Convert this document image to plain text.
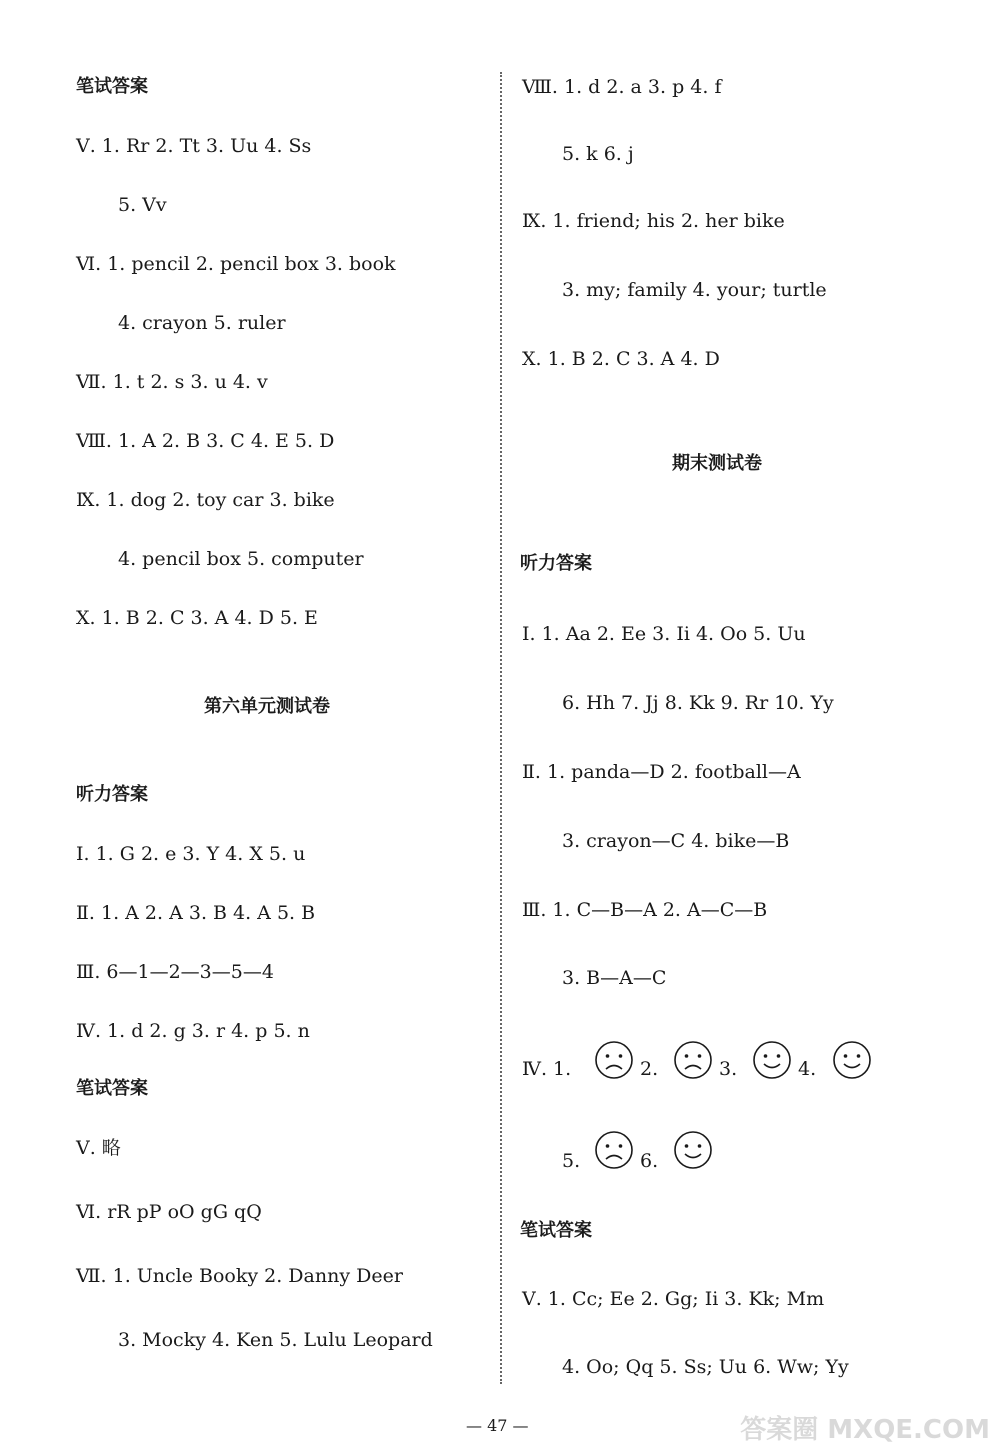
笔试答案
Ⅴ. 1. Rr 2. Tt 3. Uu 4. Ss
5. Vv
Ⅵ. 1. pencil 2. pencil box 3. book
4. crayon 5. ruler
Ⅶ. 1. t 2. s 3. u 4. v
Ⅷ. 1. A 2. B 3. C 4. E 5. D
Ⅸ. 1. dog 2. toy car 3. bike
4. pencil box 5. computer
Ⅹ. 1. B 2. C 3. A 4. D 5. E
第六单元测试卷
听力答案
Ⅰ. 1. G 2. e 3. Y 4. X 5. u
Ⅱ. 1. A 2. A 3. B 4. A 5. B
Ⅲ. 6—1—2—3—5—4
Ⅳ. 1. d 2. g 3. r 4. p 5. n
笔试答案
Ⅴ. 略
Ⅵ. rR pP oO gG qQ
Ⅶ. 1. Uncle Booky 2. Danny Deer
3. Mocky 4. Ken 5. Lulu Leopard
Ⅷ. 1. d 2. a 3. p 4. f
5. k 6. j
Ⅸ. 1. friend; his 2. her bike
3. my; family 4. your; turtle
Ⅹ. 1. B 2. C 3. A 4. D
期末测试卷
听力答案
Ⅰ. 1. Aa 2. Ee 3. Ii 4. Oo 5. Uu
6. Hh 7. Jj 8. Kk 9. Rr 10. Yy
Ⅱ. 1. panda—D 2. football—A
3. crayon—C 4. bike—B
Ⅲ. 1. C—B—A 2. A—C—B
3. B—A—C
Ⅳ. 1.	2.	3.	4.
5.	6.
笔试答案
Ⅴ. 1. Cc; Ee 2. Gg; Ii 3. Kk; Mm
4. Oo; Qq 5. Ss; Uu 6. Ww; Yy
— 47 —	答案圈 MXQE.COM
